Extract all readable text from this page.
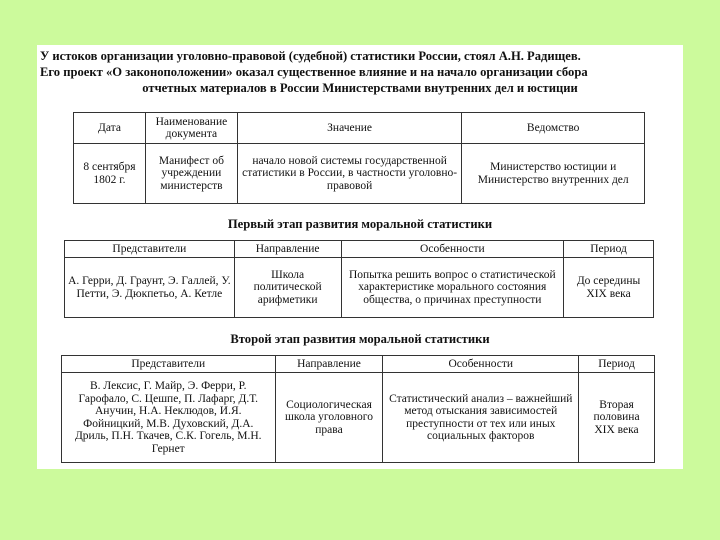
У истоков организации уголовно-правовой (судебной) статистики России, стоял А.Н. Радищев.
Его проект «О законоположении» оказал существенное влияние и на начало организации сбора
отчетных материалов в России Министерствами внутренних дел и юстиции
Дата	Наименование документа	Значение	Ведомство
8 сентября 1802 г.	Манифест об учреждении министерств	начало новой системы государственной статистики в России, в частности уголовно-правовой	Министерство юстиции и Министерство внутренних дел
Первый этап развития моральной статистики
Представители	Направление	Особенности	Период
А. Герри, Д. Граунт, Э. Галлей, У. Петти, Э. Дюкпетьо, А. Кетле	Школа политической арифметики	Попытка решить вопрос о статистической характеристике морального состояния общества, о причинах преступности	До середины XIX века
Второй этап развития моральной статистики
Представители	Направление	Особенности	Период
В. Лексис, Г. Майр, Э. Ферри, Р. Гарофало, С. Цешпе, П. Лафарг, Д.Т. Анучин, Н.А. Неклюдов, И.Я. Фойницкий, М.В. Духовский, Д.А. Дриль, П.Н. Ткачев, С.К. Гогель, М.Н. Гернет	Социологическая школа уголовного права	Статистический анализ – важнейший метод отыскания зависимостей преступности от тех или иных социальных факторов	Вторая половина XIX века
